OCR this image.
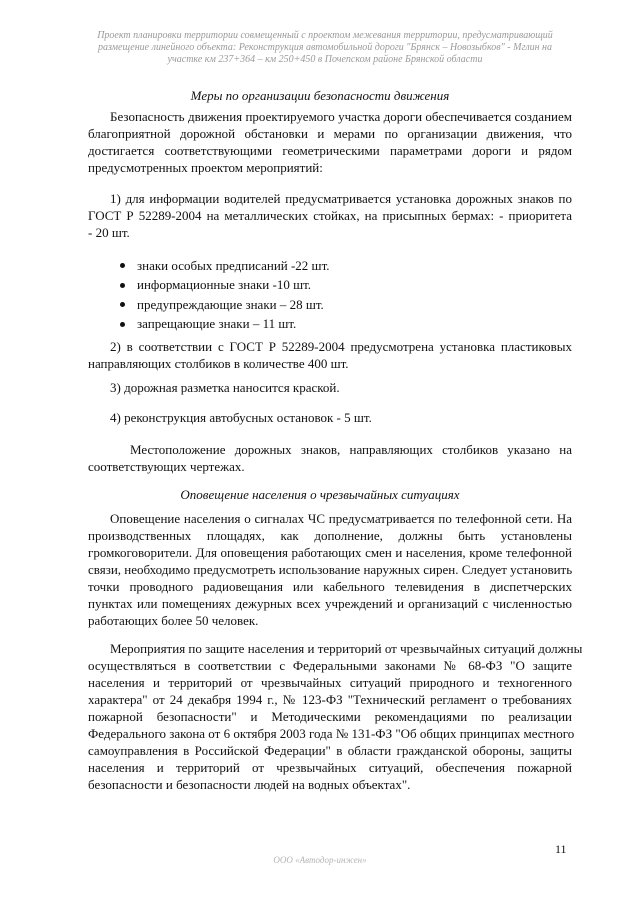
Проект планировки территории совмещенный с проектом межевания территории, предусматривающий
размещение линейного объекта: Реконструкция автомобильной дороги "Брянск – Новозыбков" - Мглин на
участке км 237+364 – км 250+450 в Почепском районе Брянской области
Меры по организации безопасности движения
Безопасность движения проектируемого участка дороги обеспечивается созданием
благоприятной дорожной обстановки и мерами по организации движения, что
достигается соответствующими геометрическими параметрами дороги и рядом
предусмотренных проектом мероприятий:
1) для информации водителей предусматривается установка дорожных знаков по
ГОСТ Р 52289-2004 на металлических стойках, на присыпных бермах: - приоритета
- 20 шт.
знаки особых предписаний -22 шт.
информационные знаки -10 шт.
предупреждающие знаки – 28 шт.
запрещающие знаки – 11 шт.
2) в соответствии с ГОСТ Р 52289-2004 предусмотрена установка пластиковых
направляющих столбиков в количестве 400 шт.
3) дорожная разметка наносится краской.
4) реконструкция автобусных остановок - 5 шт.
Местоположение дорожных знаков, направляющих столбиков указано на
соответствующих чертежах.
Оповещение населения о чрезвычайных ситуациях
Оповещение населения о сигналах ЧС предусматривается по телефонной сети. На
производственных площадях, как дополнение, должны быть установлены
громкоговорители. Для оповещения работающих смен и населения, кроме телефонной
связи, необходимо предусмотреть использование наружных сирен. Следует установить
точки проводного радиовещания или кабельного телевидения в диспетчерских
пунктах или помещениях дежурных всех учреждений и организаций с численностью
работающих более 50 человек.
Мероприятия по защите населения и территорий от чрезвычайных ситуаций должны
осуществляться в соответствии с Федеральными законами № 68-ФЗ "О защите
населения и территорий от чрезвычайных ситуаций природного и техногенного
характера" от 24 декабря 1994 г., № 123-ФЗ "Технический регламент о требованиях
пожарной безопасности" и Методическими рекомендациями по реализации
Федерального закона от 6 октября 2003 года № 131-ФЗ "Об общих принципах местного
самоуправления в Российской Федерации" в области гражданской обороны, защиты
населения и территорий от чрезвычайных ситуаций, обеспечения пожарной
безопасности и безопасности людей на водных объектах".
11
ООО «Автодор-инжен»
